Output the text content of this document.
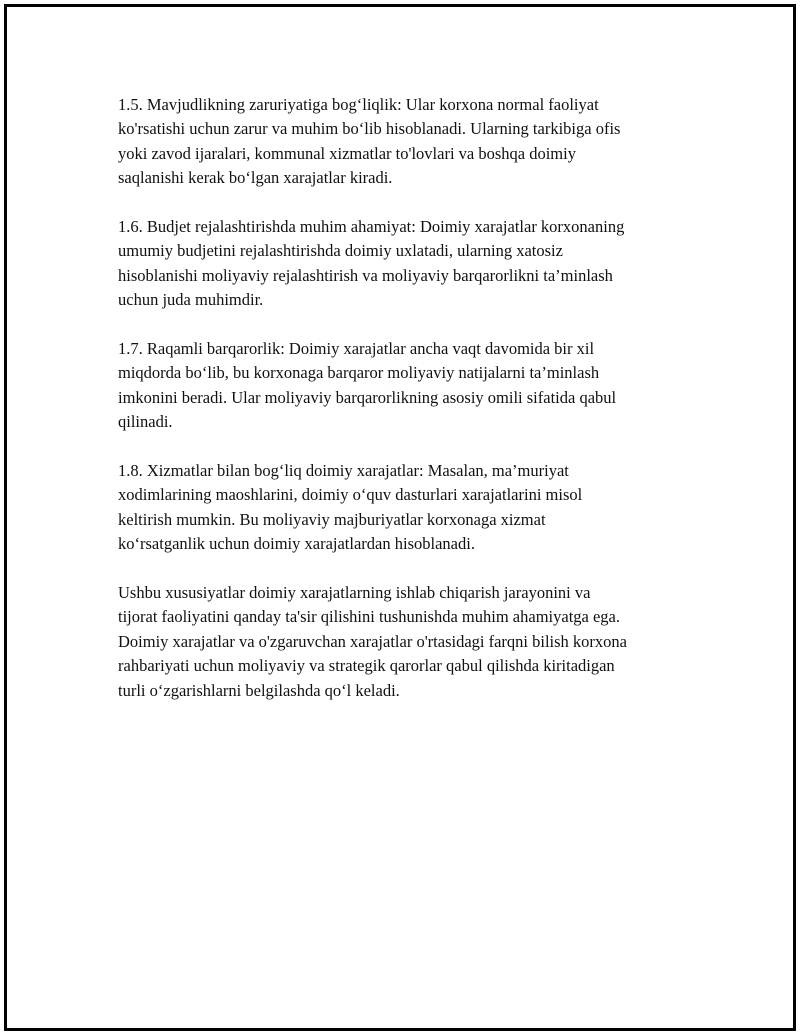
1.5. Mavjudlikning zaruriyatiga bog‘liqlik: Ular korxona normal faoliyat
ko'rsatishi uchun zarur va muhim bo‘lib hisoblanadi. Ularning tarkibiga ofis
yoki zavod ijaralari, kommunal xizmatlar to'lovlari va boshqa doimiy
saqlanishi kerak bo‘lgan xarajatlar kiradi.

1.6. Budjet rejalashtirishda muhim ahamiyat: Doimiy xarajatlar korxonaning
umumiy budjetini rejalashtirishda doimiy uxlatadi, ularning xatosiz
hisoblanishi moliyaviy rejalashtirish va moliyaviy barqarorlikni ta’minlash
uchun juda muhimdir.

1.7. Raqamli barqarorlik: Doimiy xarajatlar ancha vaqt davomida bir xil
miqdorda bo‘lib, bu korxonaga barqaror moliyaviy natijalarni ta’minlash
imkonini beradi. Ular moliyaviy barqarorlikning asosiy omili sifatida qabul
qilinadi.

1.8. Xizmatlar bilan bog‘liq doimiy xarajatlar: Masalan, ma’muriyat
xodimlarining maoshlarini, doimiy o‘quv dasturlari xarajatlarini misol
keltirish mumkin. Bu moliyaviy majburiyatlar korxonaga xizmat
ko‘rsatganlik uchun doimiy xarajatlardan hisoblanadi.

Ushbu xususiyatlar doimiy xarajatlarning ishlab chiqarish jarayonini va
tijorat faoliyatini qanday ta'sir qilishini tushunishda muhim ahamiyatga ega.
Doimiy xarajatlar va o'zgaruvchan xarajatlar o'rtasidagi farqni bilish korxona
rahbariyati uchun moliyaviy va strategik qarorlar qabul qilishda kiritadigan
turli o‘zgarishlarni belgilashda qo‘l keladi.
